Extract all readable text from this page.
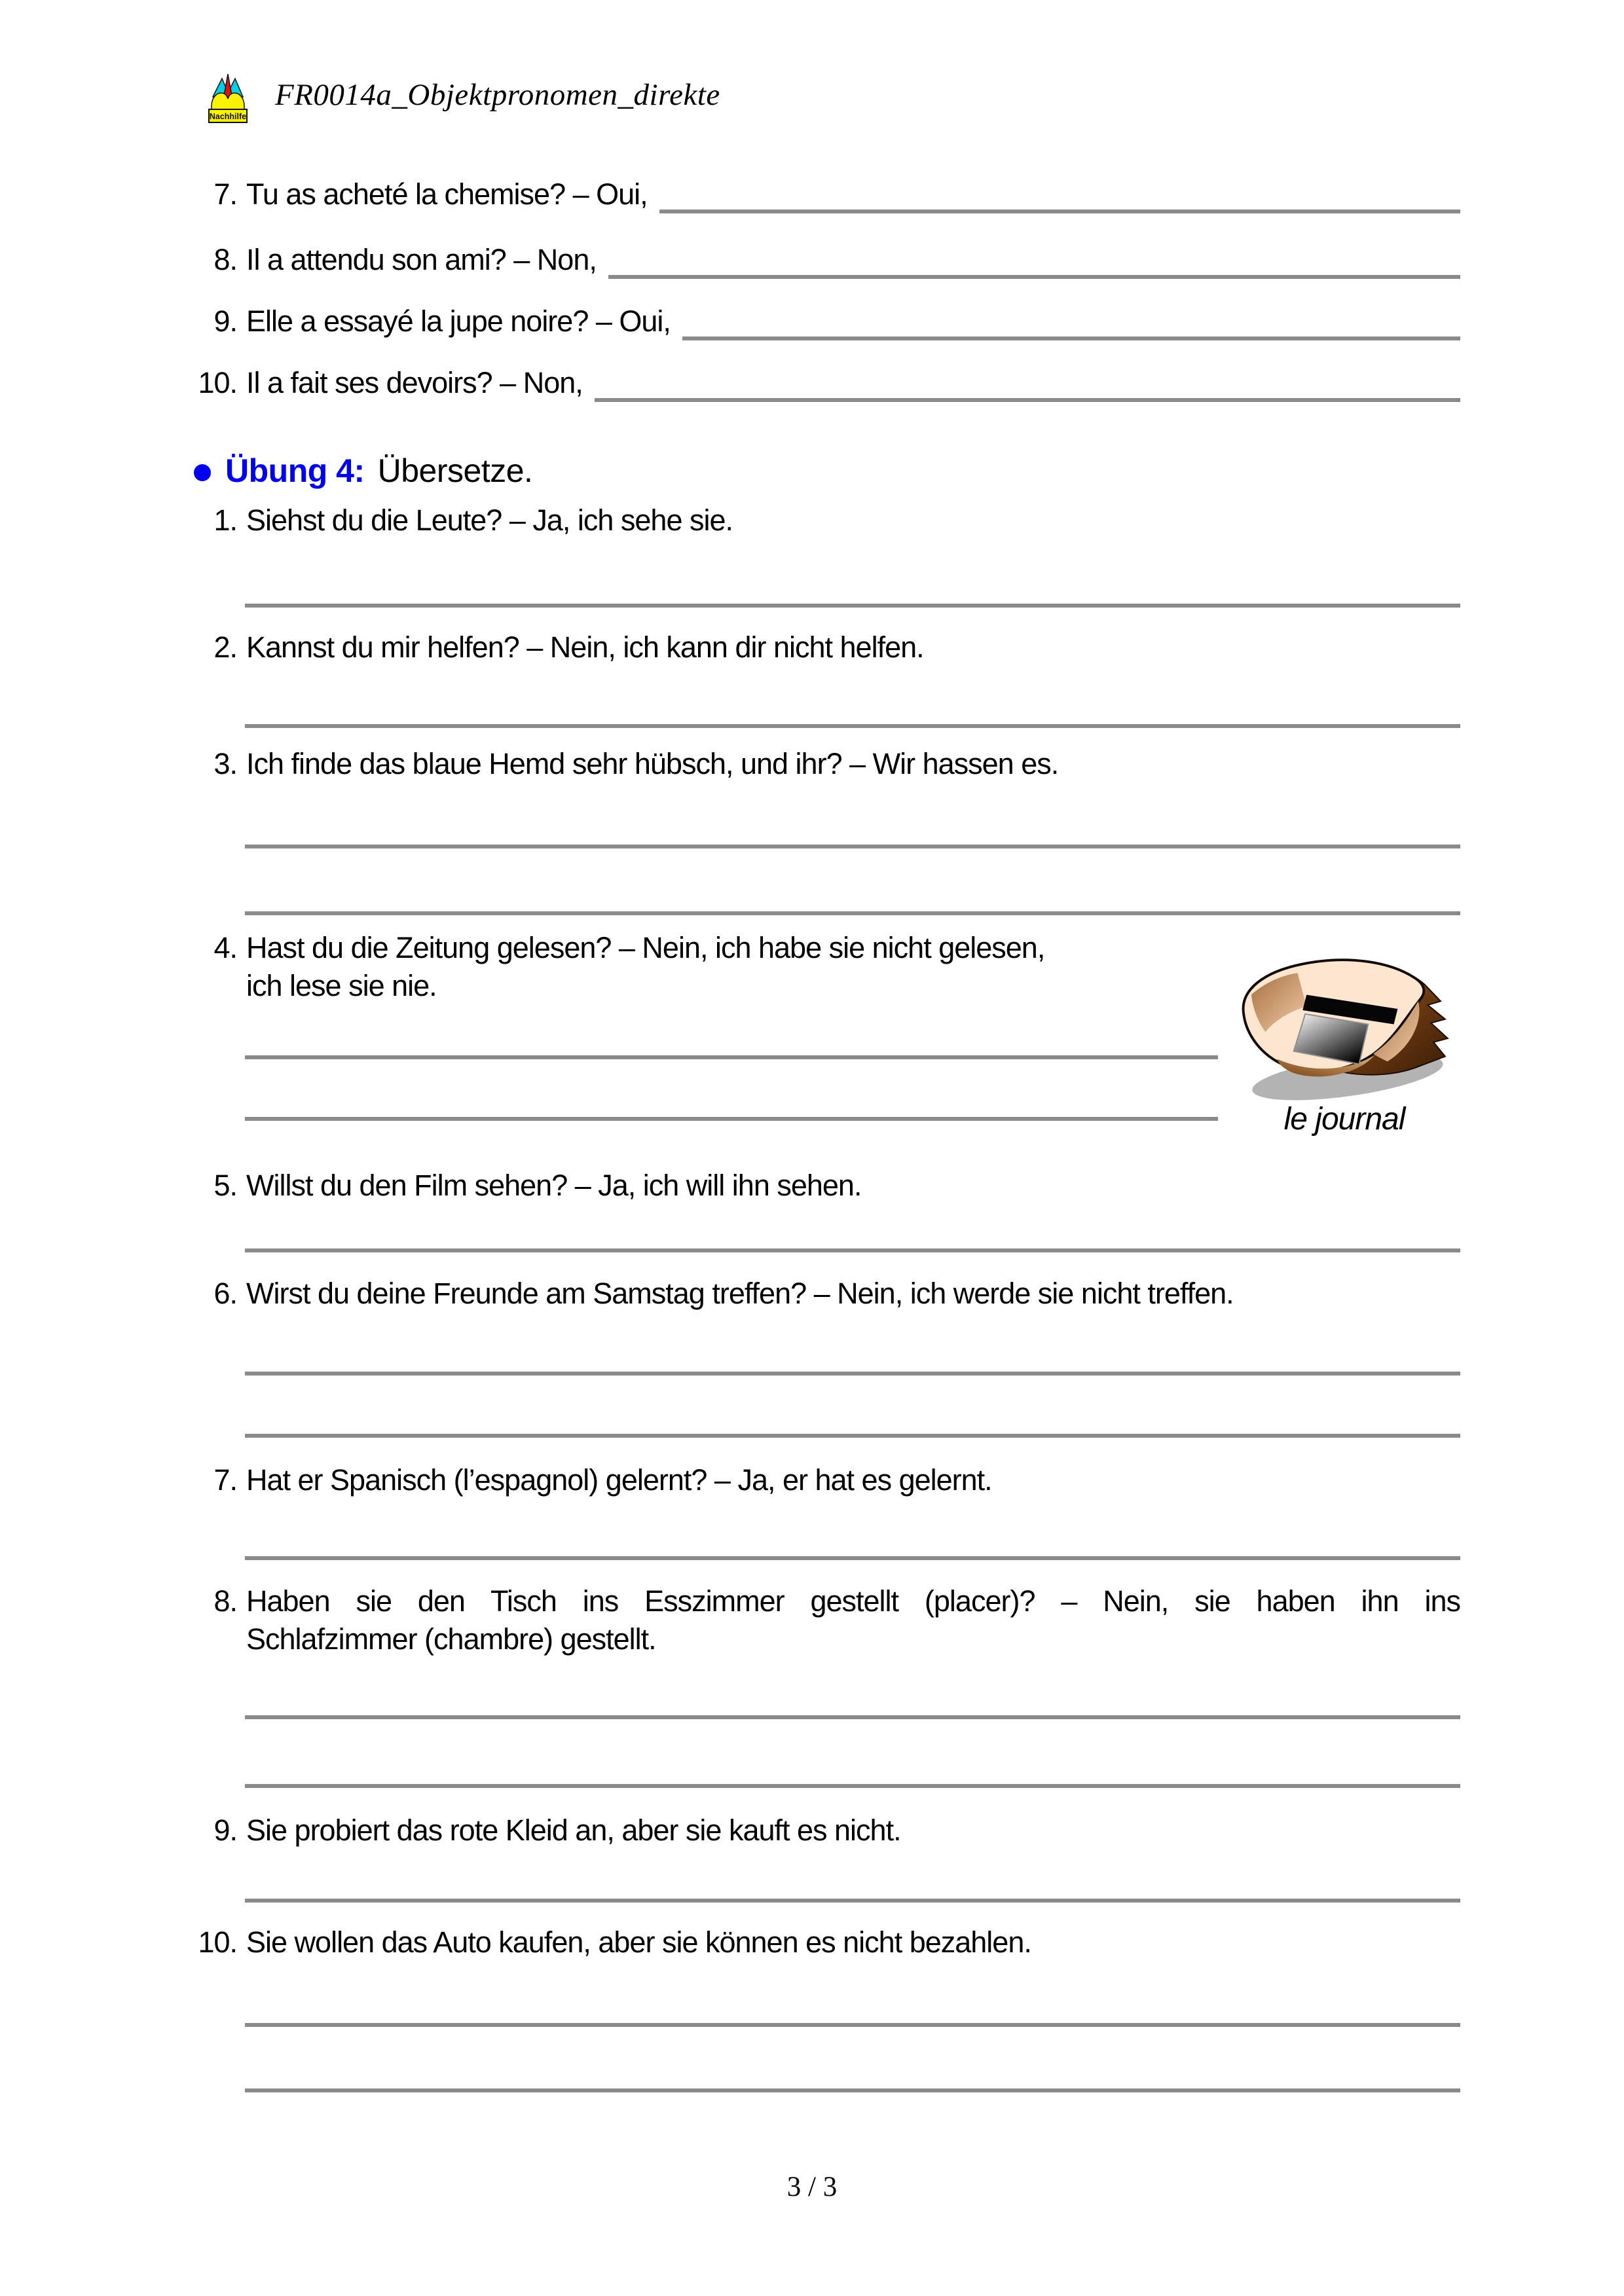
Nachhilfe
FR0014a_Objektpronomen_direkte
7. Tu as acheté la chemise? – Oui,
8. Il a attendu son ami? – Non,
9. Elle a essayé la jupe noire? – Oui,
10. Il a fait ses devoirs? – Non,
Übung 4: Übersetze.
1. Siehst du die Leute? – Ja, ich sehe sie.
2. Kannst du mir helfen? – Nein, ich kann dir nicht helfen.
3. Ich finde das blaue Hemd sehr hübsch, und ihr? – Wir hassen es.
4. Hast du die Zeitung gelesen? – Nein, ich habe sie nicht gelesen,
ich lese sie nie.
5. Willst du den Film sehen? – Ja, ich will ihn sehen.
6. Wirst du deine Freunde am Samstag treffen? – Nein, ich werde sie nicht treffen.
7. Hat er Spanisch (l’espagnol) gelernt? – Ja, er hat es gelernt.
8. Haben sie den Tisch ins Esszimmer gestellt (placer)? – Nein, sie haben ihn ins
Schlafzimmer (chambre) gestellt.
9. Sie probiert das rote Kleid an, aber sie kauft es nicht.
10. Sie wollen das Auto kaufen, aber sie können es nicht bezahlen.
le journal
3 / 3
